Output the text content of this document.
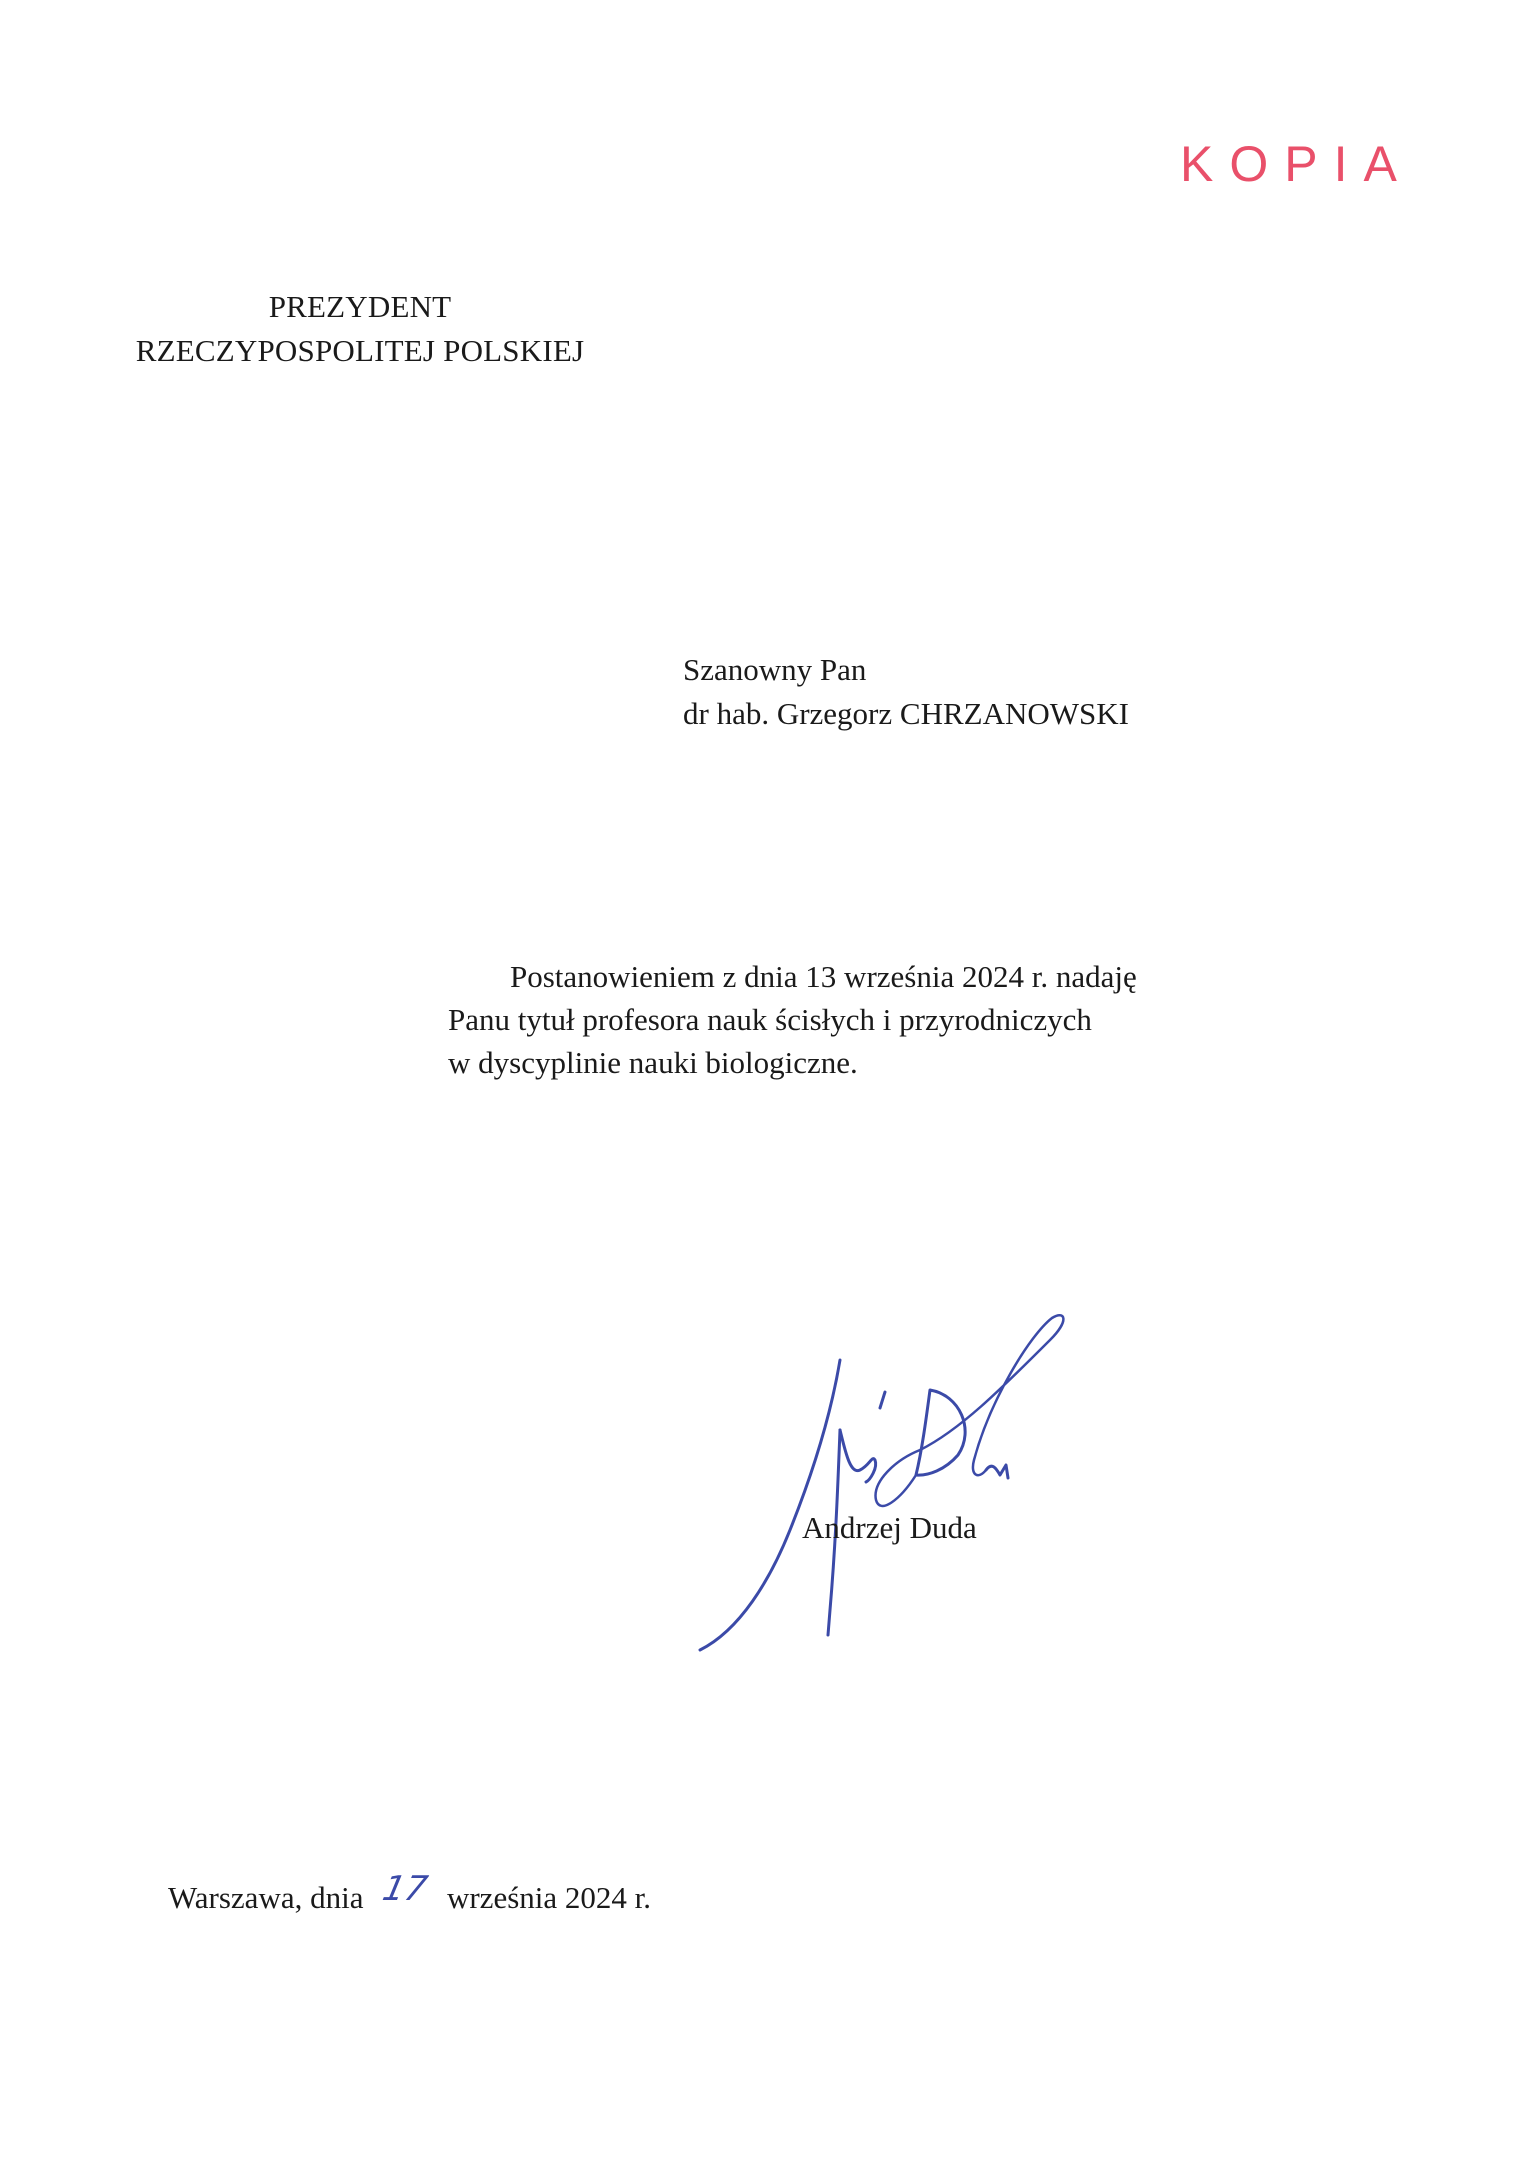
KOPIA
PREZYDENT
RZECZYPOSPOLITEJ POLSKIEJ
Szanowny Pan
dr hab. Grzegorz CHRZANOWSKI
Postanowieniem z dnia 13 września 2024 r. nadaję
Panu tytuł profesora nauk ścisłych i przyrodniczych
w dyscyplinie nauki biologiczne.
Andrzej Duda
Warszawa, dnia 17 września 2024 r.
